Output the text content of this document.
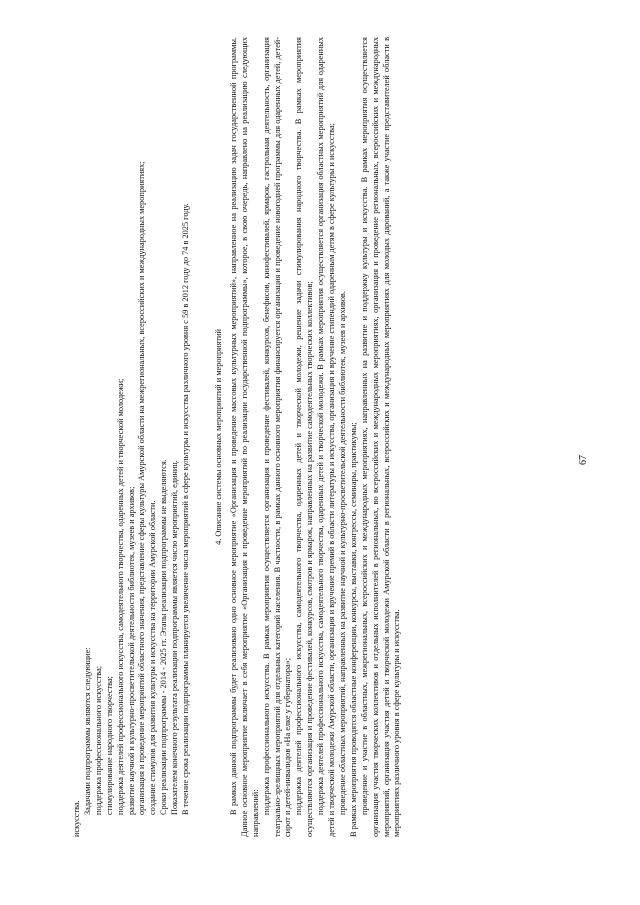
67

искусства.

Задачами подпрограммы являются следующие: поддержка профессионального искусства; стимулирование народного творчества; поддержка деятелей профессионального искусства, самодеятельного творчества, одаренных детей и творческой молодежи; развитие научной и культурно-просветительской деятельности библиотек, музеев и архивов; организация и проведение мероприятий областного значения, представление сферы культуры Амурской области на межрегиональных, всероссийских и международных мероприятиях; создание стимулов для развития культуры и искусства на территории Амурской области. Сроки реализации подпрограммы - 2014 - 2025 гг. Этапы реализации подпрограммы не выделяются. Показателем конечного результата реализации подпрограммы является число мероприятий, единиц. В течение срока реализации подпрограммы планируется увеличение числа мероприятий в сфере культуры и искусства различного уровня с 59 в 2012 году до 74 в 2025 году.	4. Описание системы основных мероприятий и мероприятий В рамках данной подпрограммы будет реализовано одно основное мероприятие «Организация и проведение массовых культурных мероприятий», направленное на реализацию задач государственной программы. Данное основное мероприятие включает в себя мероприятие «Организация и проведение мероприятий по реализации государственной подпрограммы», которое, в свою очередь, направлено на реализацию следующих направлений: поддержка профессионального искусства. В рамках мероприятия осуществляется организация и проведение фестивалей, конкурсов, бенефисов, кинофестивалей, ярмарок, гастрольная деятельность, организация театрально-зрелищных мероприятий для отдельных категорий населения. В частности, в рамках данного основного мероприятия финансируется организация и проведение новогодней программы для одаренных детей, детей-сирот и детей-инвалидов «На елке у губернатора»; поддержка деятелей профессионального искусства, самодеятельного творчества, одаренных детей и творческой молодежи, решение задачи стимулирования народного творчества. В рамках мероприятия осуществляются организация и проведение фестивалей, конкурсов, смотров и ярмарок, направленных на развитие самодеятельных творческих коллективов; поддержка деятелей профессионального искусства, самодеятельного творчества, одаренных детей и творческой молодежи. В рамках мероприятия осуществляется организация областных мероприятий для одаренных детей и творческой молодежи Амурской области, организация и вручение премий в области литературы и искусства, организация и вручение стипендий одаренным детям в сфере культуры и искусства; проведение областных мероприятий, направленных на развитие научной и культурно-просветительской деятельности библиотек, музеев и архивов. В рамках мероприятия проводятся областные конференции, конкурсы, выставки, конгрессы, семинары, практикумы; проведение и участие в областных, межрегиональных, всероссийских и международных мероприятиях, направленных на развитие и поддержку культуры и искусства. В рамках мероприятия осуществляется организация участия творческих коллективов и отдельных исполнителей в региональных, во всероссийских и международных мероприятиях, организация и проведение региональных, всероссийских и международных мероприятий, организация участия детей и творческой молодежи Амурской области в региональных, всероссийских и международных мероприятиях для молодых дарований, а также участие представителей области в мероприятиях различного уровня в сфере культуры и искусства.
